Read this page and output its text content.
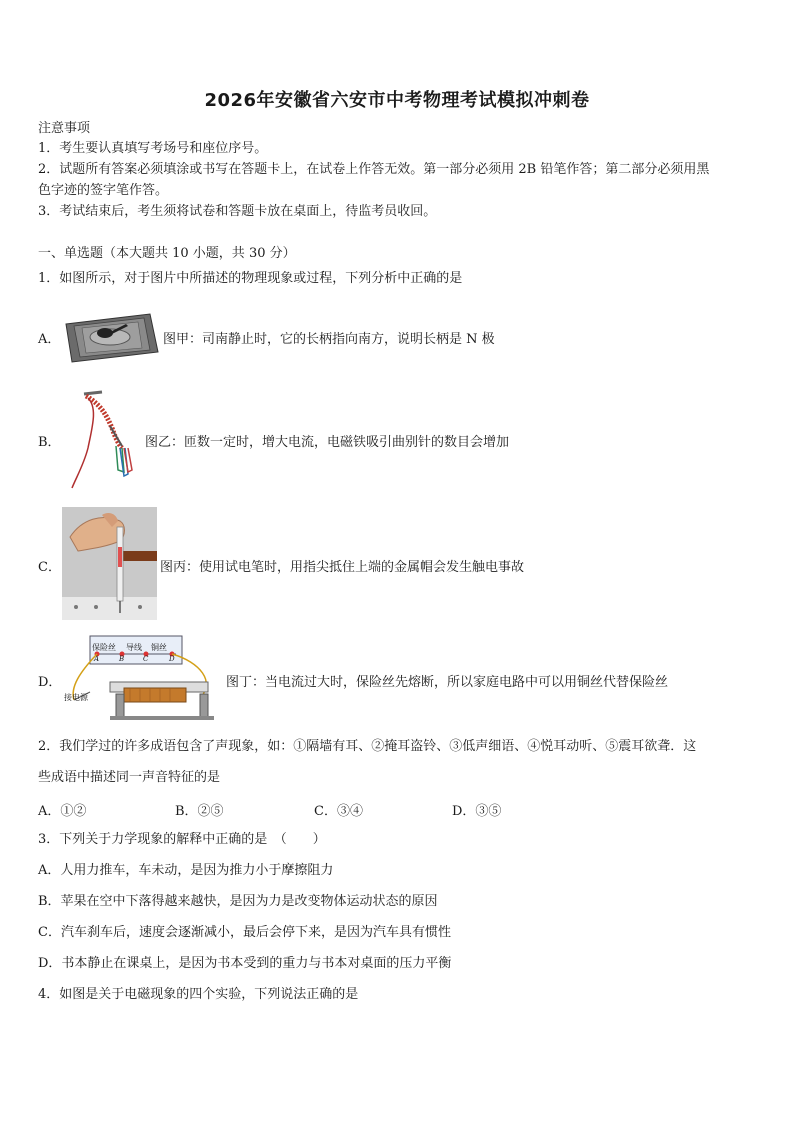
2026年安徽省六安市中考物理考试模拟冲刺卷
注意事项
1．考生要认真填写考场号和座位序号。
2．试题所有答案必须填涂或书写在答题卡上，在试卷上作答无效。第一部分必须用 2B 铅笔作答；第二部分必须用黑
色字迹的签字笔作答。
3．考试结束后，考生须将试卷和答题卡放在桌面上，待监考员收回。
一、单选题（本大题共 10 小题，共 30 分）
1．如图所示，对于图片中所描述的物理现象或过程，下列分析中正确的是
A．	图甲：司南静止时，它的长柄指向南方，说明长柄是 N 极
B．	图乙：匝数一定时，增大电流，电磁铁吸引曲别针的数目会增加
C．	图丙：使用试电笔时，用指尖抵住上端的金属帽会发生触电事故
D．
保险丝 导线 铜丝
A	B	C	D
接电源
图丁：当电流过大时，保险丝先熔断，所以家庭电路中可以用铜丝代替保险丝
2．我们学过的许多成语包含了声现象，如：①隔墙有耳、②掩耳盗铃、③低声细语、④悦耳动听、⑤震耳欲聋．这
些成语中描述同一声音特征的是
A．①②	B．②⑤	C．③④	D．③⑤
3．下列关于力学现象的解释中正确的是　（　　）
A．人用力推车，车未动，是因为推力小于摩擦阻力
B．苹果在空中下落得越来越快，是因为力是改变物体运动状态的原因
C．汽车刹车后，速度会逐渐减小，最后会停下来，是因为汽车具有惯性
D．书本静止在课桌上，是因为书本受到的重力与书本对桌面的压力平衡
4．如图是关于电磁现象的四个实验，下列说法正确的是
